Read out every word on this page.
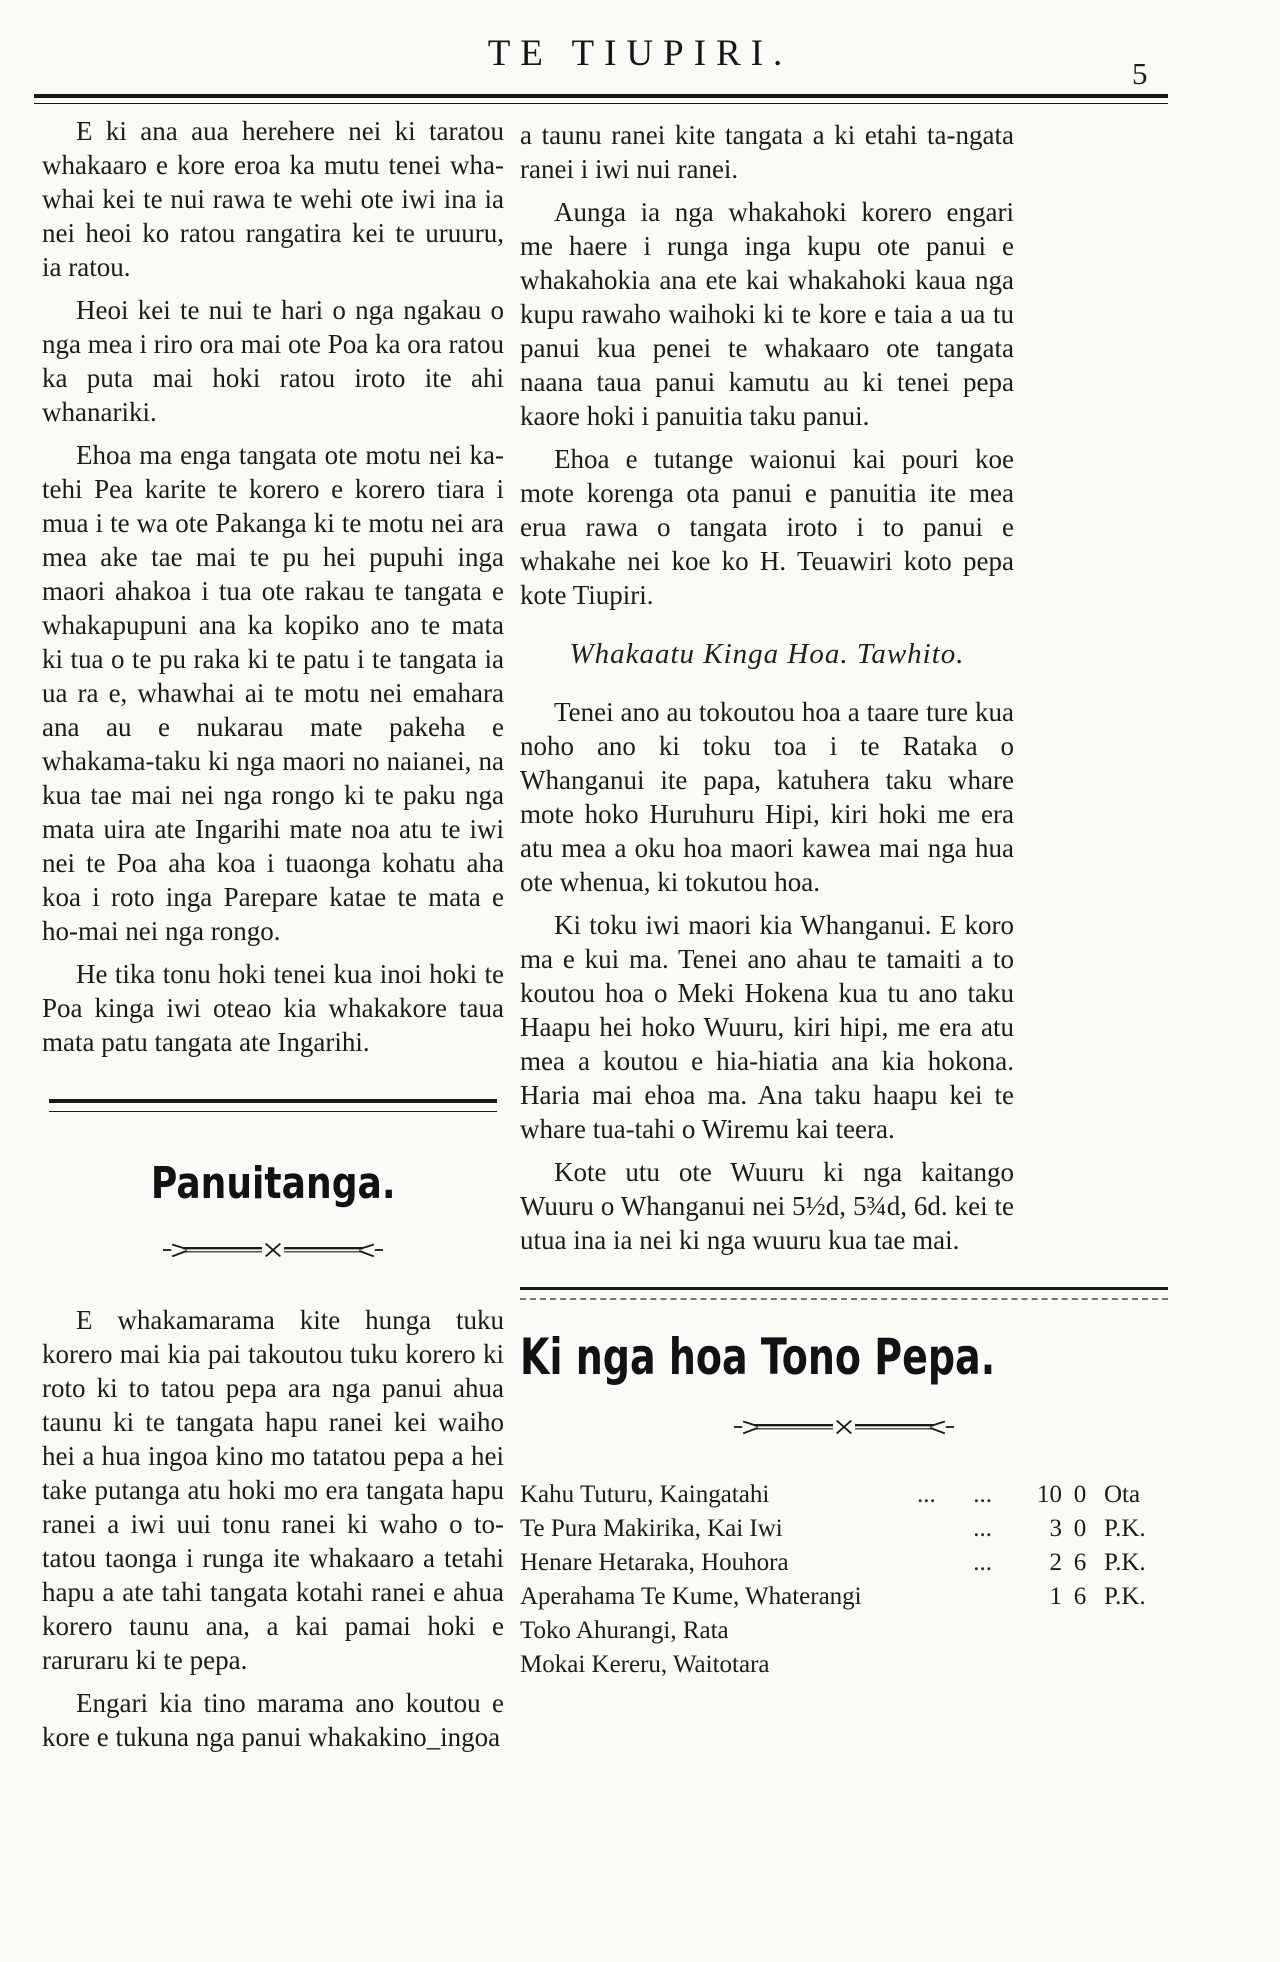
TE TIUPIRI.	5

E ki ana aua herehere nei ki taratou whakaaro e kore eroa ka mutu tenei wha-whai kei te nui rawa te wehi ote iwi ina ia nei heoi ko ratou rangatira kei te uruuru, ia ratou.

Heoi kei te nui te hari o nga ngakau o nga mea i riro ora mai ote Poa ka ora ratou ka puta mai hoki ratou iroto ite ahi whanariki.

Ehoa ma enga tangata ote motu nei ka-tehi Pea karite te korero e korero tiara i mua i te wa ote Pakanga ki te motu nei ara mea ake tae mai te pu hei pupuhi inga maori ahakoa i tua ote rakau te tangata e whakapupuni ana ka kopiko ano te mata ki tua o te pu raka ki te patu i te tangata ia ua ra e, whawhai ai te motu nei emahara ana au e nukarau mate pakeha e whakama-taku ki nga maori no naianei, na kua tae mai nei nga rongo ki te paku nga mata uira ate Ingarihi mate noa atu te iwi nei te Poa aha koa i tuaonga kohatu aha koa i roto inga Parepare katae te mata e ho-mai nei nga rongo.

He tika tonu hoki tenei kua inoi hoki te Poa kinga iwi oteao kia whakakore taua mata patu tangata ate Ingarihi.

Panuitanga.

E whakamarama kite hunga tuku korero mai kia pai takoutou tuku korero ki roto ki to tatou pepa ara nga panui ahua taunu ki te tangata hapu ranei kei waiho hei a hua ingoa kino mo tatatou pepa a hei take putanga atu hoki mo era tangata hapu ranei a iwi uui tonu ranei ki waho o to-tatou taonga i runga ite whakaaro a tetahi hapu a ate tahi tangata kotahi ranei e ahua korero taunu ana, a kai pamai hoki e raruraru ki te pepa.

Engari kia tino marama ano koutou e kore e tukuna nga panui whakakino_ingoa

a taunu ranei kite tangata a ki etahi ta-ngata ranei i iwi nui ranei.

Aunga ia nga whakahoki korero engari me haere i runga inga kupu ote panui e whakahokia ana ete kai whakahoki kaua nga kupu rawaho waihoki ki te kore e taia a ua tu panui kua penei te whakaaro ote tangata naana taua panui kamutu au ki tenei pepa kaore hoki i panuitia taku panui.

Ehoa e tutange waionui kai pouri koe mote korenga ota panui e panuitia ite mea erua rawa o tangata iroto i to panui e whakahe nei koe ko H. Teuawiri koto pepa kote Tiupiri.

Whakaatu Kinga Hoa. Tawhito.

Tenei ano au tokoutou hoa a taare ture kua noho ano ki toku toa i te Rataka o Whanganui ite papa, katuhera taku whare mote hoko Huruhuru Hipi, kiri hoki me era atu mea a oku hoa maori kawea mai nga hua ote whenua, ki tokutou hoa.

Ki toku iwi maori kia Whanganui. E koro ma e kui ma. Tenei ano ahau te tamaiti a to koutou hoa o Meki Hokena kua tu ano taku Haapu hei hoko Wuuru, kiri hipi, me era atu mea a koutou e hia-hiatia ana kia hokona. Haria mai ehoa ma. Ana taku haapu kei te whare tua-tahi o Wiremu kai teera.

Kote utu ote Wuuru ki nga kaitango Wuuru o Whanganui nei 5½d, 5¾d, 6d. kei te utua ina ia nei ki nga wuuru kua tae mai.

Ki nga hoa Tono Pepa.
Kahu Tuturu, Kaingatahi	...      ...	10 0 Ota
Te Pura Makirika, Kai Iwi	...	3 0 P.K.
Henare Hetaraka, Houhora	...	2 6 P.K.
Aperahama Te Kume, Whaterangi	1 6 P.K.
Toko Ahurangi, Rata
Mokai Kereru, Waitotara
